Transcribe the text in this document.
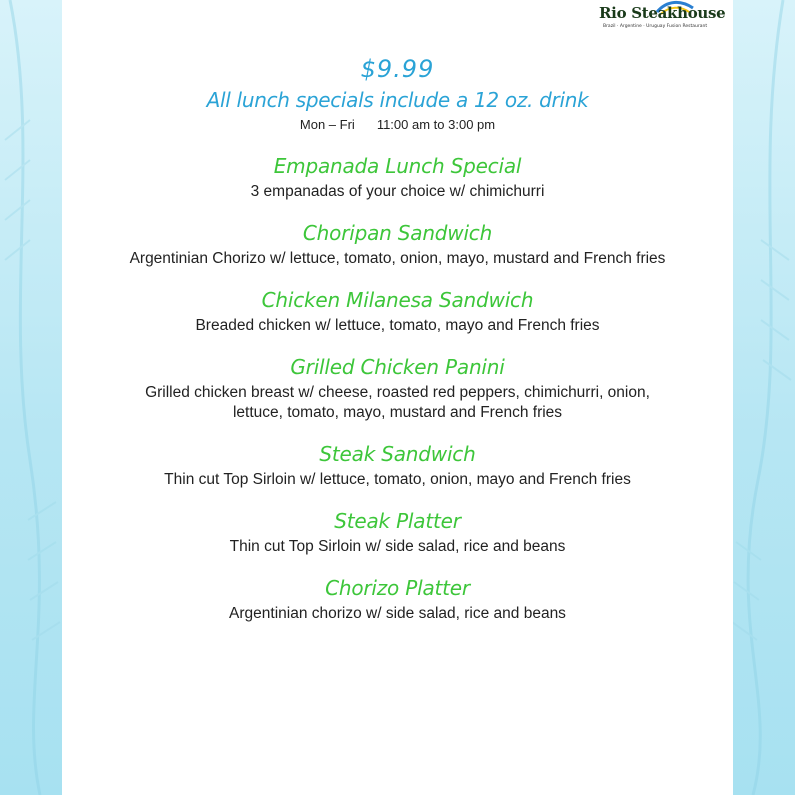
Rio Steakhouse
Brazil · Argentine · Uruguay Fusion Restaurant
$9.99
All lunch specials include a 12 oz. drink
Mon – Fri 11:00 am to 3:00 pm
Empanada Lunch Special
3 empanadas of your choice w/ chimichurri
Choripan Sandwich
Argentinian Chorizo w/ lettuce, tomato, onion, mayo, mustard and French fries
Chicken Milanesa Sandwich
Breaded chicken w/ lettuce, tomato, mayo and French fries
Grilled Chicken Panini
Grilled chicken breast w/ cheese, roasted red peppers, chimichurri, onion,
lettuce, tomato, mayo, mustard and French fries
Steak Sandwich
Thin cut Top Sirloin w/ lettuce, tomato, onion, mayo and French fries
Steak Platter
Thin cut Top Sirloin w/ side salad, rice and beans
Chorizo Platter
Argentinian chorizo w/ side salad, rice and beans
